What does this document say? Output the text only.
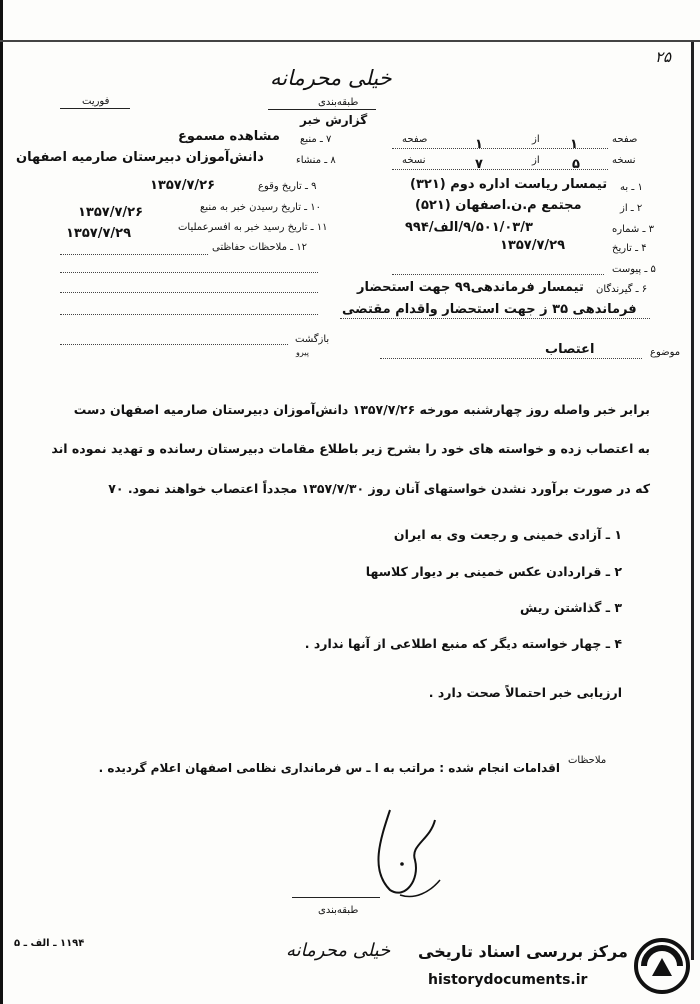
۲۵
خیلی محرمانه
طبقه‌بندی
گزارش خبر
فوریت
صفحه
۱
از
۱
صفحه
نسخه
۵
از
۷
نسخه
۱ ـ به
تیمسار ریاست اداره دوم (۳۲۱)
۲ ـ از
مجتمع م.ن.اصفهان (۵۲۱)
۳ ـ شماره
۹/۵۰۱/۰۳/۳/الف/۹۹۴
۴ ـ تاریخ
۱۳۵۷/۷/۲۹
۵ ـ پیوست
۶ ـ گیرندگان
تیمسار فرماندهی۹۹ جهت استحضار
فرماندهی ۳۵ ز جهت استحضار واقدام مقتضی
۷ ـ منبع
مشاهده مسموع
۸ ـ منشاء
دانش‌آموزان دبیرستان صارمیه اصفهان
۹ ـ تاریخ وقوع
۱۳۵۷/۷/۲۶
۱۰ ـ تاریخ رسیدن خبر به منبع
۱۳۵۷/۷/۲۶
۱۱ ـ تاریخ رسید خبر به افسرعملیات
۱۳۵۷/۷/۲۹
۱۲ ـ ملاحظات حفاظتی
بازگشت
پیرو	موضوع
اعتصاب
برابر خبر واصله روز چهارشنبه مورخه ۱۳۵۷/۷/۲۶ دانش‌آموزان دبیرستان صارمیه اصفهان دست
به اعتصاب زده و خواسته های خود را بشرح زیر باطلاع مقامات دبیرستان رسانده و تهدید نموده اند
که در صورت برآورد نشدن خواستهای آنان روز ۱۳۵۷/۷/۳۰ مجدداً اعتصاب خواهند نمود. ۷۰
۱ ـ آزادی خمینی و رجعت وی به ایران
۲ ـ قراردادن عکس خمینی بر دیوار کلاسها
۳ ـ گذاشتن ریش
۴ ـ چهار خواسته دیگر که منبع اطلاعی از آنها ندارد .
ارزیابی خبر احتمالاً صحت دارد .
ملاحظات
اقدامات انجام شده : مراتب به ا ـ س فرمانداری نظامی اصفهان اعلام گردیده .
طبقه‌بندی
۱۱۹۴ ـ الف ـ ۵	خیلی محرمانه مرکز بررسی اسناد تاریخی
historydocuments.ir
